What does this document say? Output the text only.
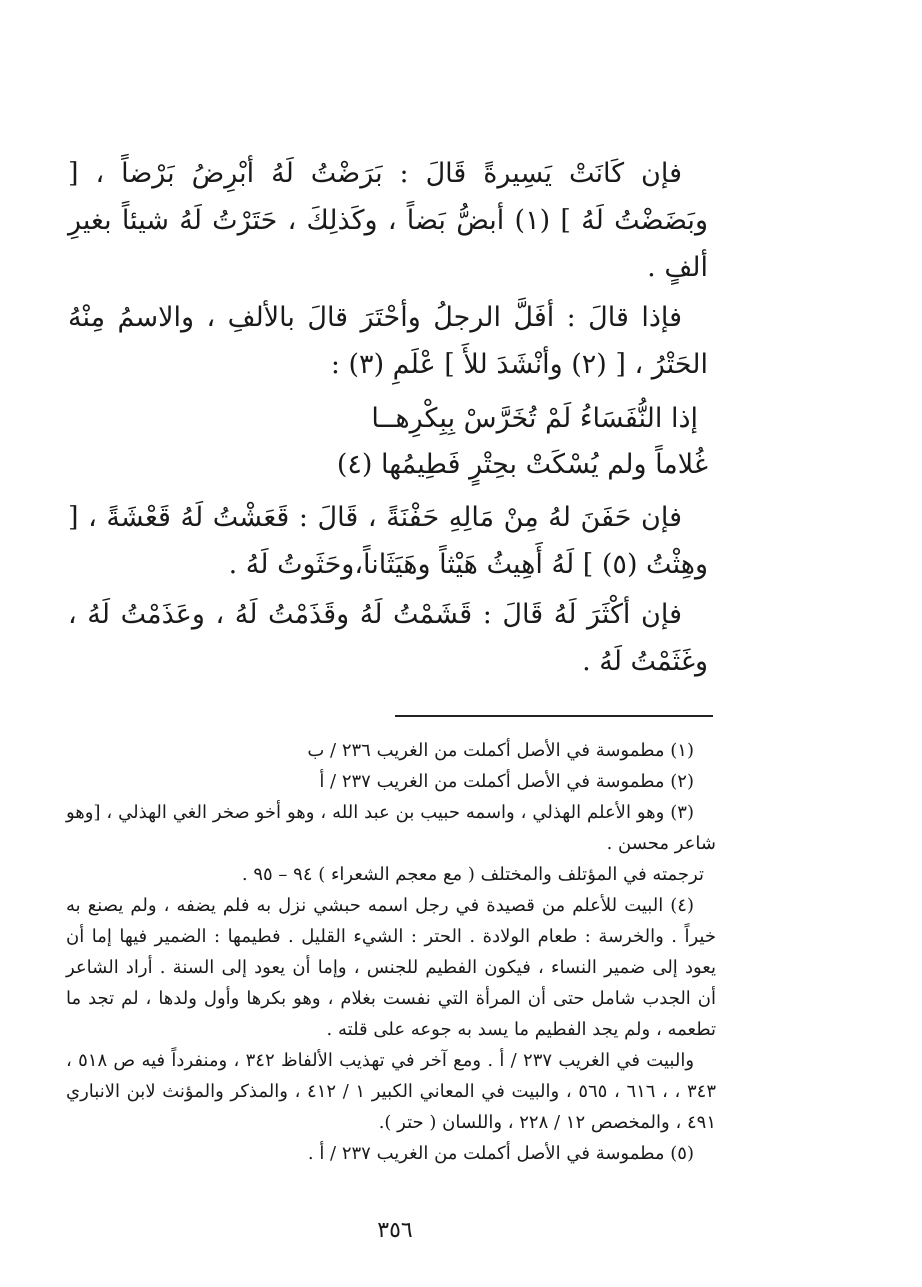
فإن كَانَتْ يَسِيرةً قَالَ : بَرَضْتُ لَهُ أبْرِضُ بَرْضاً ، [ وبَضَضْتُ لَهُ ] (١) أبضُّ بَضاً ، وكَذلِكَ ، حَتَرْتُ لَهُ شيئاً بغيرِ ألفٍ .

فإذا قالَ : أفَلَّ الرجلُ وأحْتَرَ قالَ بالألفِ ، والاسمُ مِنْهُ الحَتْرُ ، [ (٢) وأنْشَدَ للأَ ] عْلَمِ (٣) :

إذا النُّفَسَاءُ لَمْ تُخَرَّسْ بِبِكْرِهــا
غُلاماً ولم يُسْكَتْ بحِتْرٍ فَطِيمُها (٤)

فإن حَفَنَ لهُ مِنْ مَالِهِ حَفْنَةً ، قَالَ : قَعَشْتُ لَهُ قَعْشَةً ، [ وهِثْتُ (٥) ] لَهُ أَهِيثُ هَيْثاً وهَيَثَاناً،وحَثَوتُ لَهُ .

فإن أكْثَرَ لَهُ قَالَ : قَشَمْتُ لَهُ وقَذَمْتُ لَهُ ، وعَذَمْتُ لَهُ ، وغَثَمْتُ لَهُ .

(١) مطموسة في الأصل أكملت من الغريب ٢٣٦ / ب

(٢) مطموسة في الأصل أكملت من الغريب ٢٣٧ / أ

(٣) وهو الأعلم الهذلي ، واسمه حبيب بن عبد الله ، وهو أخو صخر الغي الهذلي ، [وهو شاعر محسن .

ترجمته في المؤتلف والمختلف ( مع معجم الشعراء ) ٩٤ – ٩٥ .

(٤) البيت للأعلم من قصيدة في رجل اسمه حبشي نزل به فلم يضفه ، ولم يصنع به خيراً . والخرسة : طعام الولادة . الحتر : الشيء القليل . فطيمها : الضمير فيها إما أن يعود إلى ضمير النساء ، فيكون الفطيم للجنس ، وإما أن يعود إلى السنة . أراد الشاعر أن الجدب شامل حتى أن المرأة التي نفست بغلام ، وهو بكرها وأول ولدها ، لم تجد ما تطعمه ، ولم يجد الفطيم ما يسد به جوعه على قلته .

والبيت في الغريب ٢٣٧ / أ . ومع آخر في تهذيب الألفاظ ٣٤٢ ، ومنفرداً فيه ص ٥١٨ ، ٣٤٣ ، ، ٦١٦ ، ٥٦٥ ، والبيت في المعاني الكبير ١ / ٤١٢ ، والمذكر والمؤنث لابن الانباري ٤٩١ ، والمخصص ١٢ / ٢٢٨ ، واللسان ( حتر ).

(٥) مطموسة في الأصل أكملت من الغريب ٢٣٧ / أ .

٣٥٦
